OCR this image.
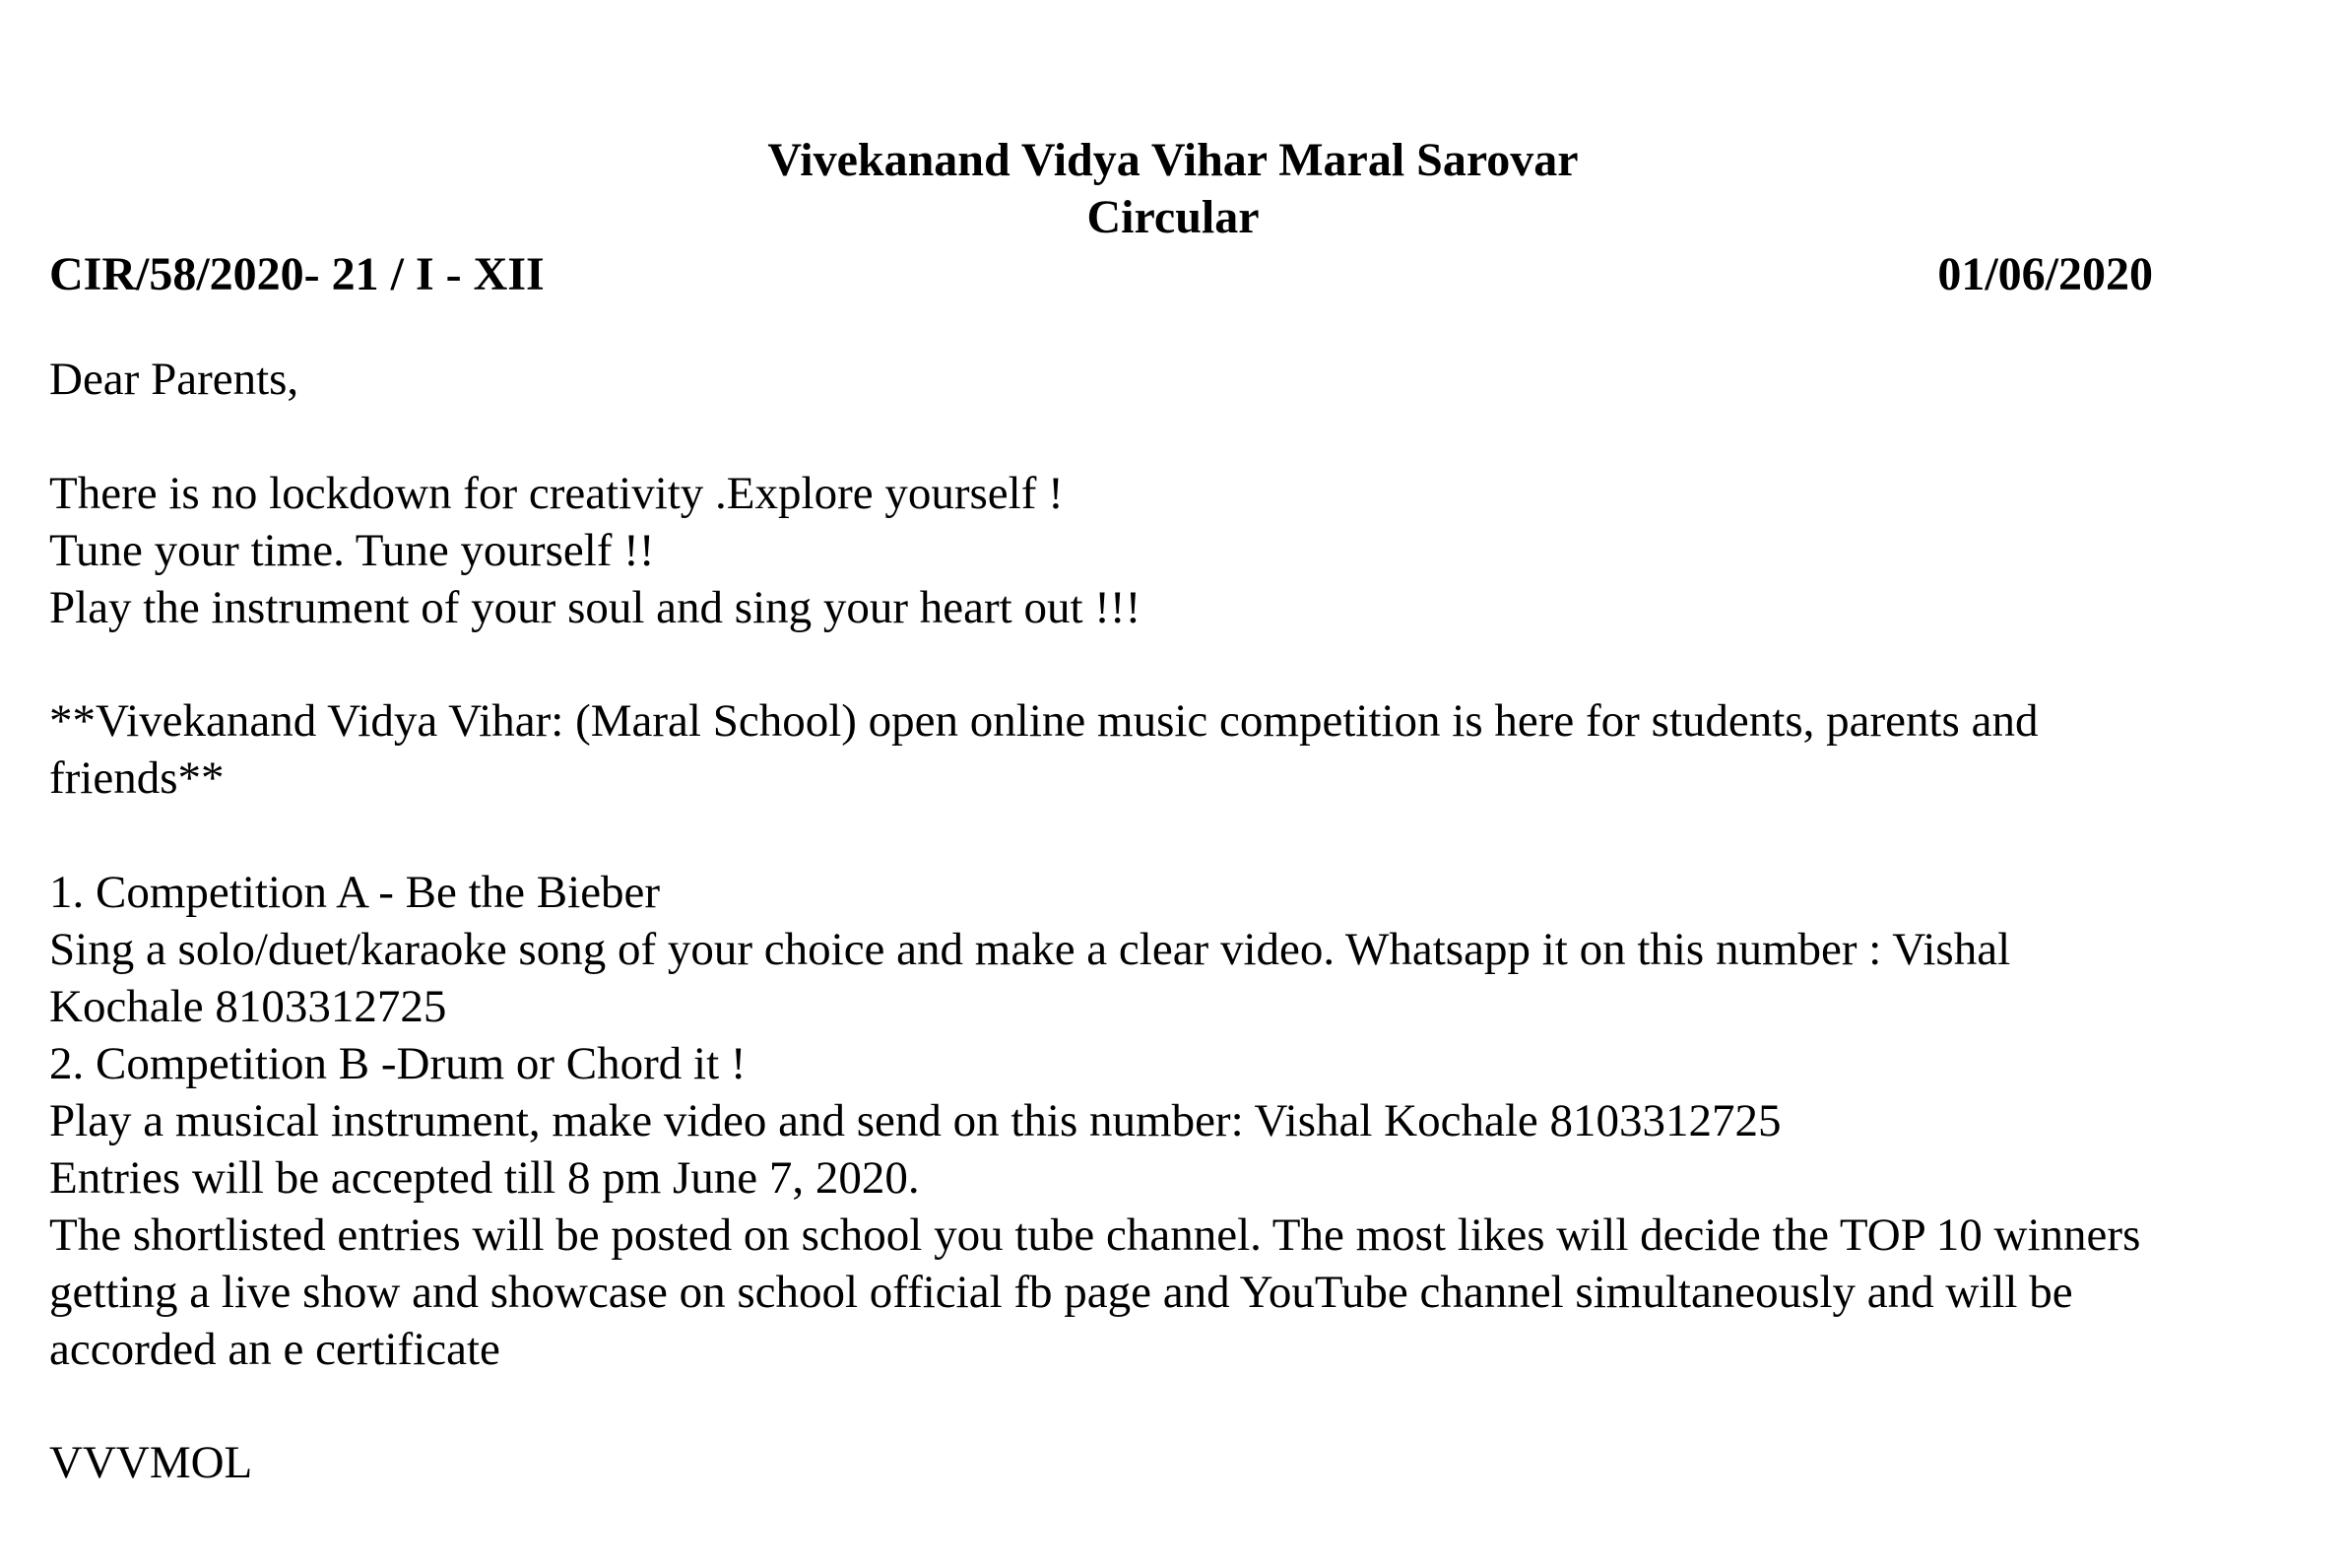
Vivekanand Vidya Vihar Maral Sarovar
Circular
CIR/58/2020- 21 / I - XII	01/06/2020
Dear Parents,
There is no lockdown for creativity .Explore yourself !
Tune your time. Tune yourself !!
Play the instrument of your soul and sing your heart out !!!
**Vivekanand Vidya Vihar: (Maral School) open online music competition is here for students, parents and
friends**
1. Competition A - Be the Bieber
Sing a solo/duet/karaoke song of your choice and make a clear video. Whatsapp it on this number : Vishal
Kochale 8103312725
2. Competition B -Drum or Chord it !
Play a musical instrument, make video and send on this number: Vishal Kochale 8103312725
Entries will be accepted till 8 pm June 7, 2020.
The shortlisted entries will be posted on school you tube channel. The most likes will decide the TOP 10 winners
getting a live show and showcase on school official fb page and YouTube channel simultaneously and will be
accorded an e certificate
VVVMOL
